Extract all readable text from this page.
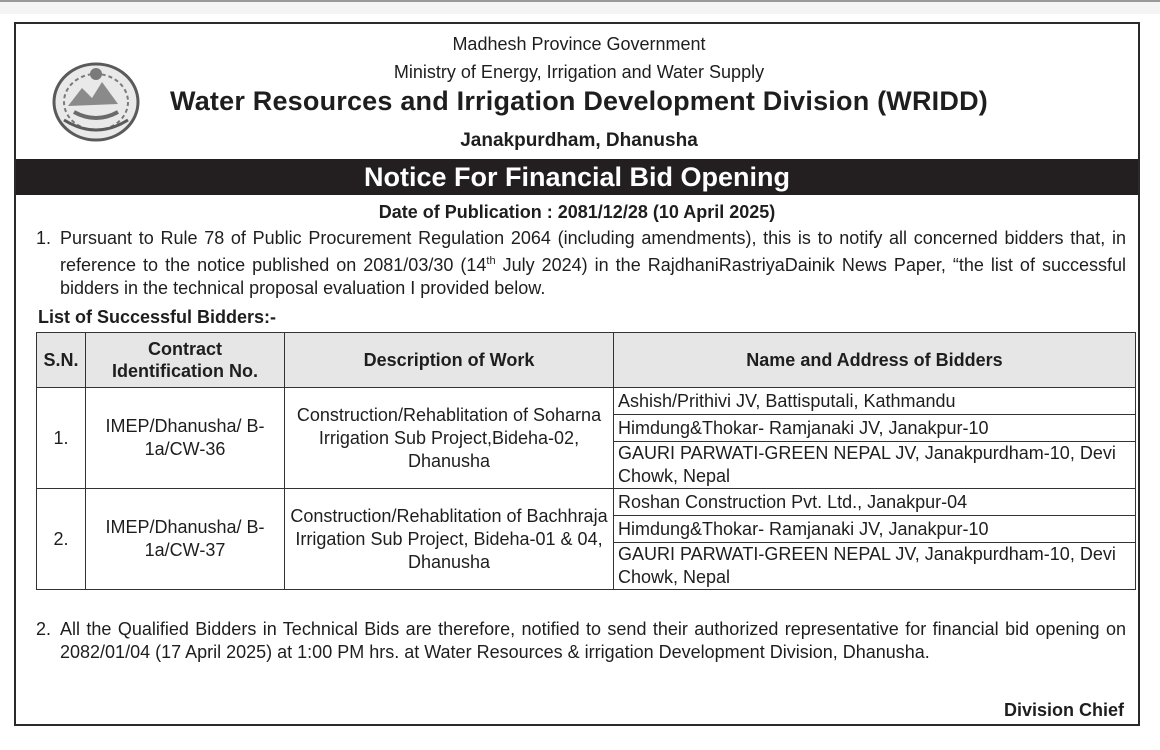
Madhesh Province Government
Ministry of Energy, Irrigation and Water Supply
Water Resources and Irrigation Development Division (WRIDD)
Janakpurdham, Dhanusha
Notice For Financial Bid Opening
Date of Publication : 2081/12/28 (10 April 2025)
1. Pursuant to Rule 78 of Public Procurement Regulation 2064 (including amendments), this is to notify all concerned bidders that, in reference to the notice published on 2081/03/30 (14th July 2024) in the RajdhaniRastriyaDainik News Paper, “the list of successful bidders in the technical proposal evaluation I provided below.
List of Successful Bidders:-
S.N.	Contract Identification No.	Description of Work	Name and Address of Bidders
1.	IMEP/Dhanusha/ B-1a/CW-36	Construction/Rehablitation of Soharna Irrigation Sub Project,Bideha-02, Dhanusha	Ashish/Prithivi JV, Battisputali, Kathmandu
			Himdung&Thokar- Ramjanaki JV, Janakpur-10
			GAURI PARWATI-GREEN NEPAL JV, Janakpurdham-10, Devi Chowk, Nepal
2.	IMEP/Dhanusha/ B-1a/CW-37	Construction/Rehablitation of Bachhraja Irrigation Sub Project, Bideha-01 & 04, Dhanusha	Roshan Construction Pvt. Ltd., Janakpur-04
			Himdung&Thokar- Ramjanaki JV, Janakpur-10
			GAURI PARWATI-GREEN NEPAL JV, Janakpurdham-10, Devi Chowk, Nepal
2. All the Qualified Bidders in Technical Bids are therefore, notified to send their authorized representative for financial bid opening on 2082/01/04 (17 April 2025) at 1:00 PM hrs. at Water Resources & irrigation Development Division, Dhanusha.
Division Chief
